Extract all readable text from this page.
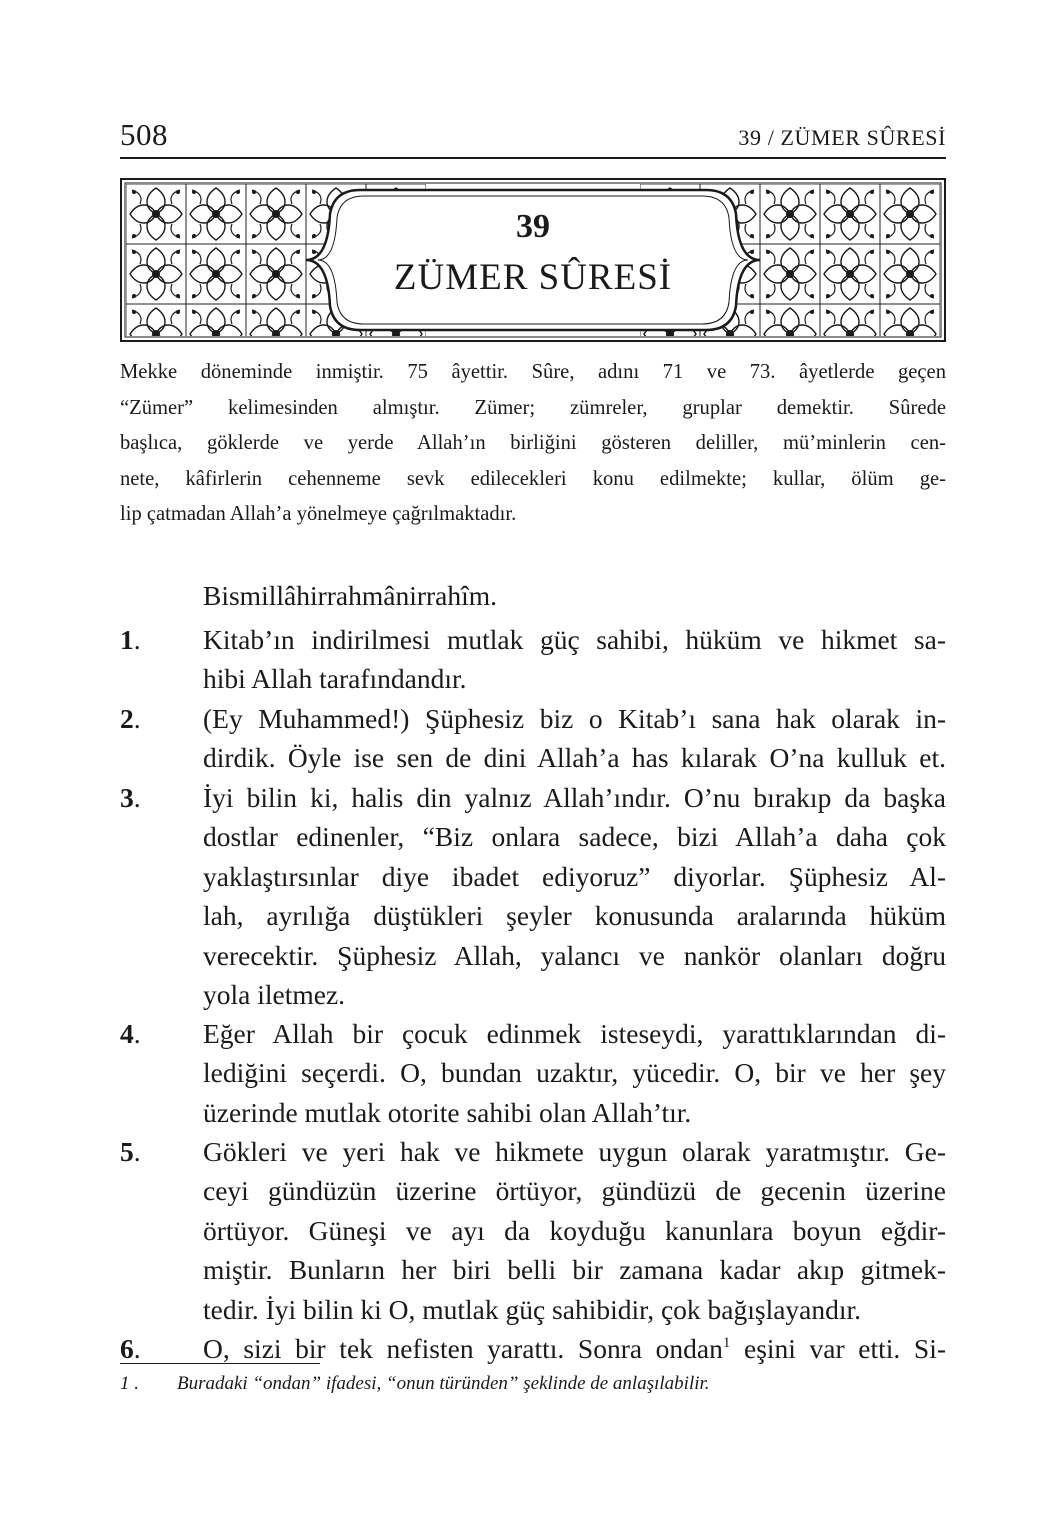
508	39 / ZÜMER SÛRESİ
39
ZÜMER SÛRESİ
Mekke döneminde inmiştir. 75 âyettir. Sûre, adını 71 ve 73. âyetlerde geçen
“Zümer” kelimesinden almıştır. Zümer; zümreler, gruplar demektir. Sûrede
başlıca, göklerde ve yerde Allah’ın birliğini gösteren deliller, mü’minlerin cen-
nete, kâfirlerin cehenneme sevk edilecekleri konu edilmekte; kullar, ölüm ge-
lip çatmadan Allah’a yönelmeye çağrılmaktadır.
Bismillâhirrahmânirrahîm.
1. Kitab’ın indirilmesi mutlak güç sahibi, hüküm ve hikmet sa-
hibi Allah tarafındandır.
2. (Ey Muhammed!) Şüphesiz biz o Kitab’ı sana hak olarak in-
dirdik. Öyle ise sen de dini Allah’a has kılarak O’na kulluk et.
3. İyi bilin ki, halis din yalnız Allah’ındır. O’nu bırakıp da başka
dostlar edinenler, “Biz onlara sadece, bizi Allah’a daha çok
yaklaştırsınlar diye ibadet ediyoruz” diyorlar. Şüphesiz Al-
lah, ayrılığa düştükleri şeyler konusunda aralarında hüküm
verecektir. Şüphesiz Allah, yalancı ve nankör olanları doğru
yola iletmez.
4. Eğer Allah bir çocuk edinmek isteseydi, yarattıklarından di-
lediğini seçerdi. O, bundan uzaktır, yücedir. O, bir ve her şey
üzerinde mutlak otorite sahibi olan Allah’tır.
5. Gökleri ve yeri hak ve hikmete uygun olarak yaratmıştır. Ge-
ceyi gündüzün üzerine örtüyor, gündüzü de gecenin üzerine
örtüyor. Güneşi ve ayı da koyduğu kanunlara boyun eğdir-
miştir. Bunların her biri belli bir zamana kadar akıp gitmek-
tedir. İyi bilin ki O, mutlak güç sahibidir, çok bağışlayandır.
6. O, sizi bir tek nefisten yarattı. Sonra ondan$^1$ eşini var etti. Si-
1 . Buradaki “ondan” ifadesi, “onun türünden” şeklinde de anlaşılabilir.
